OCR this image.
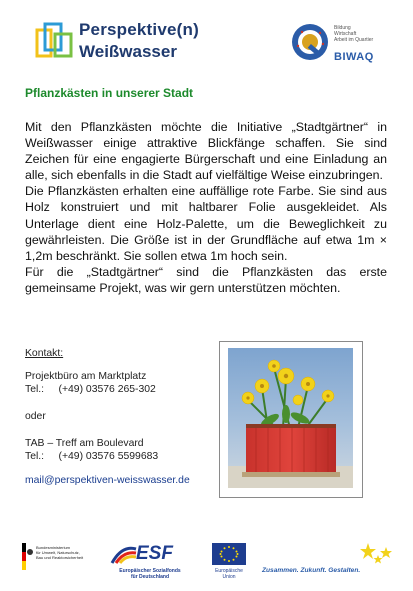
Perspektive(n)
Weißwasser
Bildung
Wirtschaft
Arbeit im Quartier
BIWAQ
Pflanzkästen in unserer Stadt

Mit den Pflanzkästen möchte die Initiative „Stadtgärtner“ in Weißwasser einige attraktive Blickfänge schaffen. Sie sind Zeichen für eine engagierte Bürgerschaft und eine Einladung an alle, sich ebenfalls in die Stadt auf vielfältige Weise einzubringen.

Die Pflanzkästen erhalten eine auffällige rote Farbe. Sie sind aus Holz konstruiert und mit haltbarer Folie ausgekleidet. Als Unterlage dient eine Holz-Palette, um die Beweglichkeit zu gewährleisten. Die Größe ist in der Grundfläche auf etwa 1m × 1,2m beschränkt. Sie sollen etwa 1m hoch sein.

Für die „Stadtgärtner“ sind die Pflanzkästen das erste gemeinsame Projekt, was wir gern unterstützen möchten.

Kontakt:
Projektbüro am Marktplatz
Tel.:     (+49) 03576 265-302
oder
TAB – Treff am Boulevard
Tel.:     (+49) 03576 5599683
mail@perspektiven-weisswasser.de
Bundesministerium
für Umwelt, Naturschutz,
Bau und Reaktorsicherheit	ESF
Europäischer Sozialfonds
für Deutschland
Europäische
Union
Zusammen. Zukunft. Gestalten.
